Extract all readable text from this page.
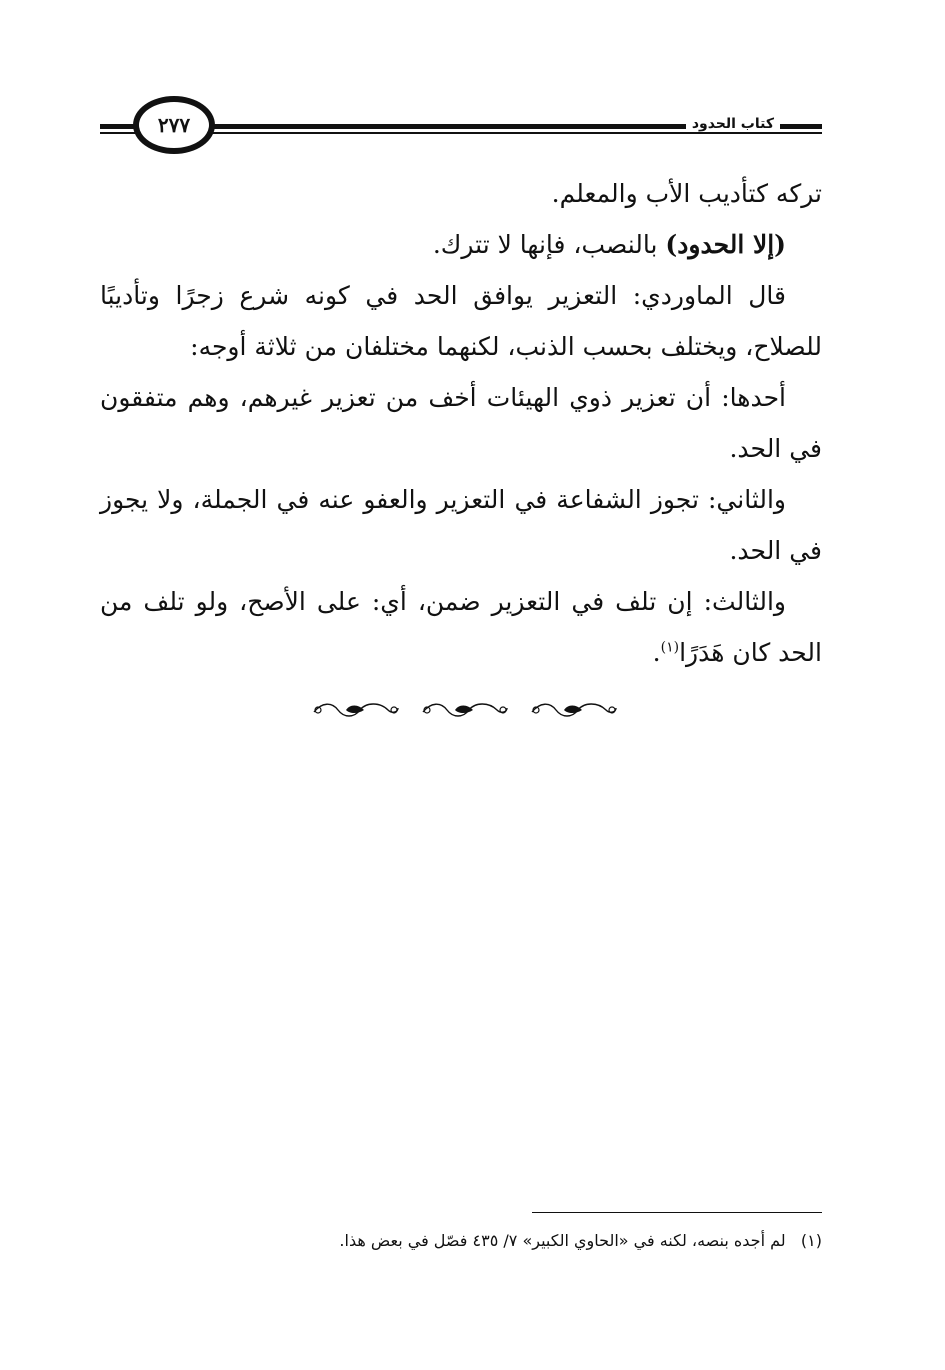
٢٧٧	كتاب الحدود

تركه كتأديب الأب والمعلم.

(إلا الحدود) بالنصب، فإنها لا تترك.

قال الماوردي: التعزير يوافق الحد في كونه شرع زجرًا وتأديبًا للصلاح، ويختلف بحسب الذنب، لكنهما مختلفان من ثلاثة أوجه:

أحدها: أن تعزير ذوي الهيئات أخف من تعزير غيرهم، وهم متفقون في الحد.

والثاني: تجوز الشفاعة في التعزير والعفو عنه في الجملة، ولا يجوز في الحد.

والثالث: إن تلف في التعزير ضمن، أي: على الأصح، ولو تلف من الحد كان هَدَرًا$^{(١)}$.

(١)   لم أجده بنصه، لكنه في «الحاوي الكبير» ٧/ ٤٣٥ فصّل في بعض هذا.
